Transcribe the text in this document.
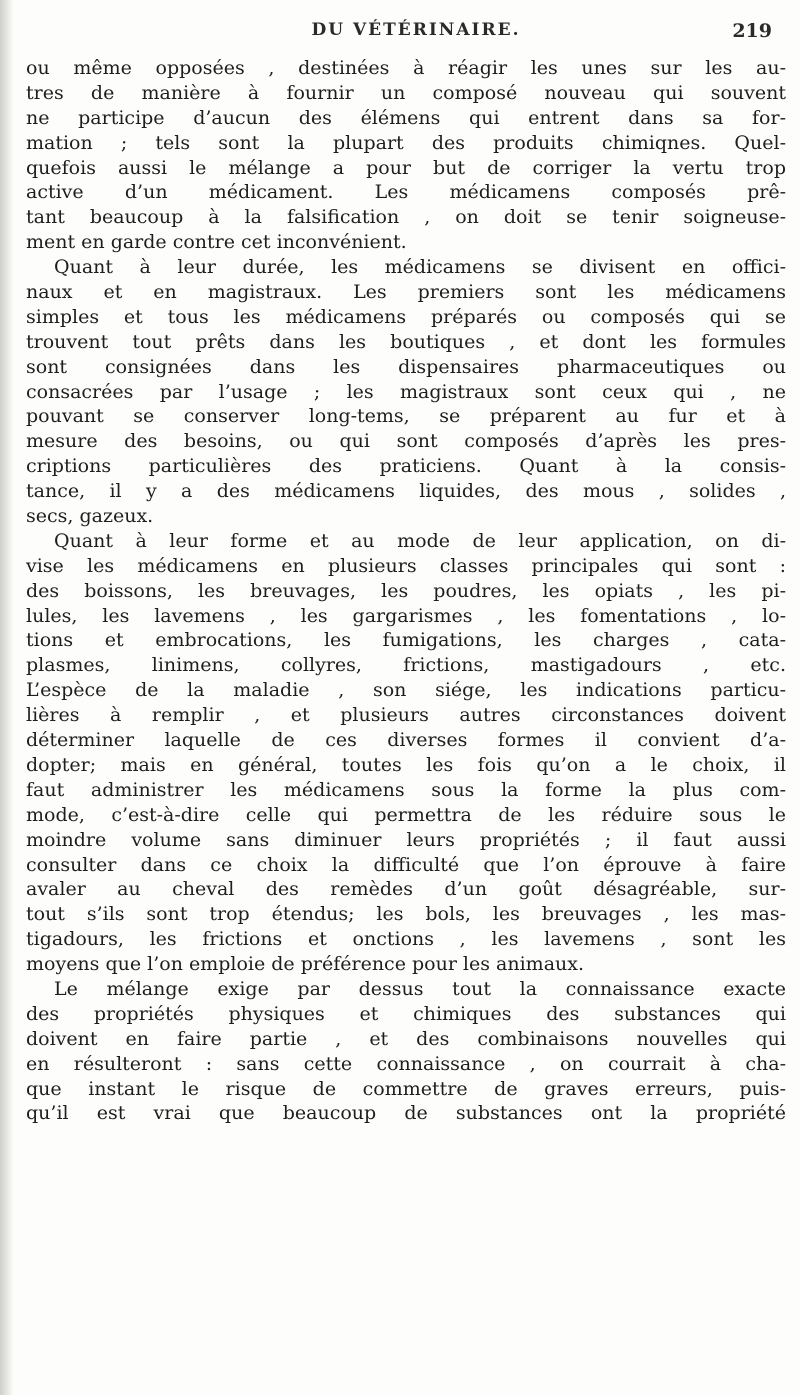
DU VÉTÉRINAIRE.	219
ou même opposées , destinées à réagir les unes sur les au-
tres de manière à fournir un composé nouveau qui souvent
ne participe d’aucun des élémens qui entrent dans sa for-
mation ; tels sont la plupart des produits chimiqnes. Quel-
quefois aussi le mélange a pour but de corriger la vertu trop
active d’un médicament. Les médicamens composés prê-
tant beaucoup à la falsification , on doit se tenir soigneuse-
ment en garde contre cet inconvénient.
Quant à leur durée, les médicamens se divisent en offici-
naux et en magistraux. Les premiers sont les médicamens
simples et tous les médicamens préparés ou composés qui se
trouvent tout prêts dans les boutiques , et dont les formules
sont consignées dans les dispensaires pharmaceutiques ou
consacrées par l’usage ; les magistraux sont ceux qui , ne
pouvant se conserver long-tems, se préparent au fur et à
mesure des besoins, ou qui sont composés d’après les pres-
criptions particulières des praticiens. Quant à la consis-
tance, il y a des médicamens liquides, des mous , solides ,
secs, gazeux.
Quant à leur forme et au mode de leur application, on di-
vise les médicamens en plusieurs classes principales qui sont :
des boissons, les breuvages, les poudres, les opiats , les pi-
lules, les lavemens , les gargarismes , les fomentations , lo-
tions et embrocations, les fumigations, les charges , cata-
plasmes, linimens, collyres, frictions, mastigadours , etc.
L’espèce de la maladie , son siége, les indications particu-
lières à remplir , et plusieurs autres circonstances doivent
déterminer laquelle de ces diverses formes il convient d’a-
dopter; mais en général, toutes les fois qu’on a le choix, il
faut administrer les médicamens sous la forme la plus com-
mode, c’est-à-dire celle qui permettra de les réduire sous le
moindre volume sans diminuer leurs propriétés ; il faut aussi
consulter dans ce choix la difficulté que l’on éprouve à faire
avaler au cheval des remèdes d’un goût désagréable, sur-
tout s’ils sont trop étendus; les bols, les breuvages , les mas-
tigadours, les frictions et onctions , les lavemens , sont les
moyens que l’on emploie de préférence pour les animaux.
Le mélange exige par dessus tout la connaissance exacte
des propriétés physiques et chimiques des substances qui
doivent en faire partie , et des combinaisons nouvelles qui
en résulteront : sans cette connaissance , on courrait à cha-
que instant le risque de commettre de graves erreurs, puis-
qu’il est vrai que beaucoup de substances ont la propriété
